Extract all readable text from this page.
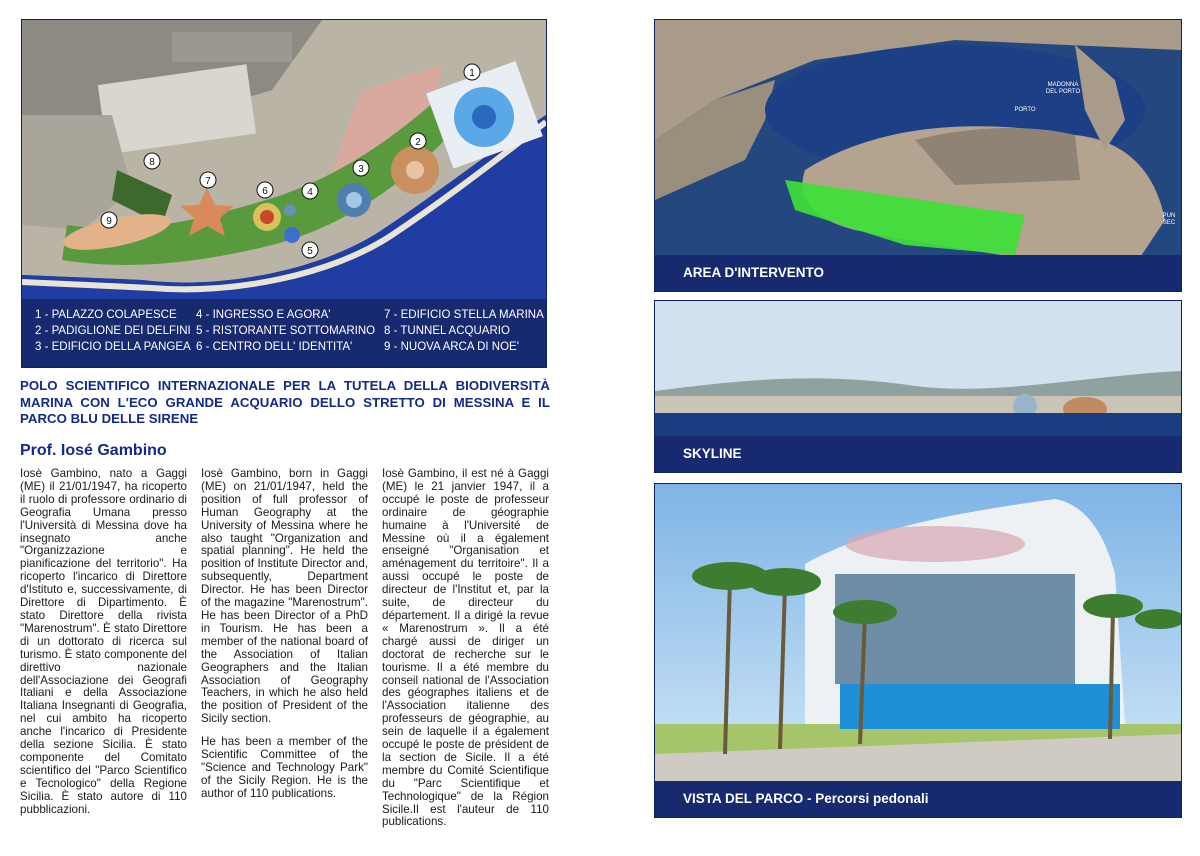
1
2
3
4
5
6
7
8
9
1 - PALAZZO COLAPESCE
2 - PADIGLIONE DEI DELFINI
3 - EDIFICIO DELLA PANGEA
4 - INGRESSO E AGORA'
5 - RISTORANTE SOTTOMARINO
6 - CENTRO DELL' IDENTITA'
7 - EDIFICIO STELLA MARINA
8 - TUNNEL ACQUARIO
9 - NUOVA ARCA DI NOE'
POLO SCIENTIFICO INTERNAZIONALE PER LA TUTELA DELLA BIODIVERSITÀ MARINA CON L'ECO GRANDE ACQUARIO DELLO STRETTO DI MESSINA E IL PARCO BLU DELLE SIRENE
Prof. Iosé Gambino

Iosè Gambino, nato a Gaggi (ME) il 21/01/1947, ha ricoperto il ruolo di professore ordinario di Geografia Umana presso l'Università di Messina dove ha insegnato anche "Organizzazione e pianificazione del territorio". Ha ricoperto l'incarico di Direttore d'Istituto e, successivamente, di Direttore di Dipartimento. È stato Direttore della rivista "Marenostrum". È stato Direttore di un dottorato di ricerca sul turismo. È stato componente del direttivo nazionale dell'Associazione dei Geografi Italiani e della Associazione Italiana Insegnanti di Geografia, nel cui ambito ha ricoperto anche l'incarico di Presidente della sezione Sicilia. È stato componente del Comitato scientifico del "Parco Scientifico e Tecnologico" della Regione Sicilia. È stato autore di 110 pubblicazioni.

Iosè Gambino, born in Gaggi (ME) on 21/01/1947, held the position of full professor of Human Geography at the University of Messina where he also taught "Organization and spatial planning". He held the position of Institute Director and, subsequently, Department Director. He has been Director of the magazine "Marenostrum". He has been Director of a PhD in Tourism. He has been a member of the national board of the Association of Italian Geographers and the Italian Association of Geography Teachers, in which he also held the position of President of the Sicily section.

He has been a member of the Scientific Committee of the "Science and Technology Park" of the Sicily Region. He is the author of 110 publications.

Iosè Gambino, il est né à Gaggi (ME) le 21 janvier 1947, il a occupé le poste de professeur ordinaire de géographie humaine à l'Université de Messine où il a également enseigné "Organisation et aménagement du territoire". Il a aussi occupé le poste de directeur de l'Institut et, par la suite, de directeur du département. Il a dirigé la revue « Marenostrum ». Il a été chargé aussi de diriger un doctorat de recherche sur le tourisme. Il a été membre du conseil national de l'Association des géographes italiens et de l'Association italienne des professeurs de géographie, au sein de laquelle il a également occupé le poste de président de la section de Sicile. Il a été membre du Comité Scientifique du "Parc Scientifique et Technologique" de la Région Sicile.Il est l'auteur de 110 publications.

MADONNA DEL PORTO
PORTO
PUN SEC
AREA D'INTERVENTO
SKYLINE
VISTA DEL PARCO - Percorsi pedonali
